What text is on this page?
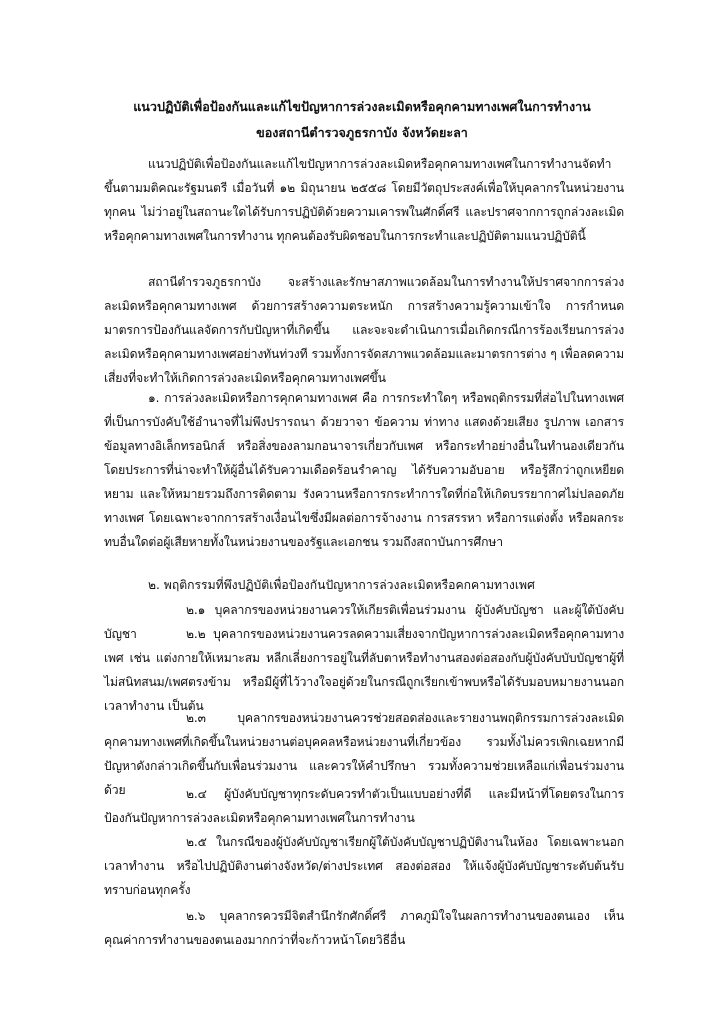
แนวปฏิบัติเพื่อป้องกันและแก้ไขปัญหาการล่วงละเมิดหรือคุกคามทางเพศในการทำงาน
ของสถานีตำรวจภูธรกาบัง จังหวัดยะลา

แนวปฏิบัติเพื่อป้องกันและแก้ไขปัญหาการล่วงละเมิดหรือคุกคามทางเพศในการทำงานจัดทำขึ้นตามมติคณะรัฐมนตรี เมื่อวันที่ ๑๒ มิถุนายน ๒๕๕๘ โดยมีวัตถุประสงค์เพื่อให้บุคลากรในหน่วยงานทุกคน ไม่ว่าอยู่ในสถานะใดได้รับการปฏิบัติด้วยความเคารพในศักดิ์ศรี และปราศจากการถูกล่วงละเมิดหรือคุกคามทางเพศในการทำงาน ทุกคนต้องรับผิดชอบในการกระทำและปฏิบัติตามแนวปฏิบัตินี้

สถานีตำรวจภูธรกาบัง จะสร้างและรักษาสภาพแวดล้อมในการทำงานให้ปราศจากการล่วง ละเมิดหรือคุกคามทางเพศ ด้วยการสร้างความตระหนัก การสร้างความรู้ความเข้าใจ การกำหนดมาตรการป้องกันแลจัดการกับปัญหาที่เกิดขึ้น และจะจะดำเนินการเมื่อเกิดกรณีการร้องเรียนการล่วงละเมิดหรือคุกคามทางเพศอย่างทันท่วงที รวมทั้งการจัดสภาพแวดล้อมและมาตรการต่าง ๆ เพื่อลดความเสี่ยงที่จะทำให้เกิดการล่วงละเมิดหรือคุกคามทางเพศขึ้น

๑. การล่วงละเมิดหรือการคุกคามทางเพศ คือ การกระทำใดๆ หรือพฤติกรรมที่ส่อไปในทางเพศที่เป็นการบังคับใช้อำนาจที่ไม่พึงปรารถนา ด้วยวาจา ข้อความ ท่าทาง แสดงด้วยเสียง รูปภาพ เอกสาร ข้อมูลทางอิเล็กทรอนิกส์ หรือสิ่งของลามกอนาจารเกี่ยวกับเพศ หรือกระทำอย่างอื่นในทำนองเดียวกัน โดยประการที่น่าจะทำให้ผู้อื่นได้รับความเดือดร้อนรำคาญ ได้รับความอับอาย หรือรู้สึกว่าถูกเหยียดหยาม และให้หมายรวมถึงการติดตาม รังควานหรือการกระทำการใดที่ก่อให้เกิดบรรยากาศไม่ปลอดภัยทางเพศ โดยเฉพาะจากการสร้างเงื่อนไขซึ่งมีผลต่อการจ้างงาน การสรรหา หรือการแต่งตั้ง หรือผลกระทบอื่นใดต่อผู้เสียหายทั้งในหน่วยงานของรัฐและเอกชน รวมถึงสถาบันการศึกษา

๒. พฤติกรรมที่พึงปฏิบัติเพื่อป้องกันปัญหาการล่วงละเมิดหรือคกคามทางเพศ

๒.๑ บุคลากรของหน่วยงานควรให้เกียรติเพื่อนร่วมงาน ผู้บังคับบัญชา และผู้ใต้บังคับบัญชา	๒.๒ บุคลากรของหน่วยงานควรลดความเสี่ยงจากปัญหาการล่วงละเมิดหรือคุกคามทางเพศ เช่น แต่งกายให้เหมาะสม หลีกเลี่ยงการอยู่ในที่ลับตาหรือทำงานสองต่อสองกับผู้บังคับบับบัญชาผู้ที่ไม่สนิทสนม/เพศตรงข้าม หรือมีผู้ที่ไว้วางใจอยู่ด้วยในกรณีถูกเรียกเข้าพบหรือได้รับมอบหมายงานนอกเวลาทำงาน เป็นต้น

๒.๓ บุคลากรของหน่วยงานควรช่วยสอดส่องและรายงานพฤติกรรมการล่วงละเมิดคุกคามทางเพศที่เกิดขึ้นในหน่วยงานต่อบุคคลหรือหน่วยงานที่เกี่ยวข้อง รวมทั้งไม่ควรเพิกเฉยหากมีปัญหาดังกล่าวเกิดขึ้นกับเพื่อนร่วมงาน และควรให้คำปรึกษา รวมทั้งความช่วยเหลือแก่เพื่อนร่วมงานด้วย	๒.๔ ผู้บังคับบัญชาทุกระดับควรทำตัวเป็นแบบอย่างที่ดี และมีหน้าที่โดยตรงในการป้องกันปัญหาการล่วงละเมิดหรือคุกคามทางเพศในการทำงาน

๒.๕ ในกรณีของผู้บังคับบัญชาเรียกผู้ใต้บังคับบัญชาปฏิบัติงานในห้อง โดยเฉพาะนอกเวลาทำงาน หรือไปปฏิบัติงานต่างจังหวัด/ต่างประเทศ สองต่อสอง ให้แจ้งผู้บังคับบัญชาระดับต้นรับทราบก่อนทุกครั้ง

๒.๖ บุคลากรควรมีจิตสำนึกรักศักดิ์ศรี ภาคภูมิใจในผลการทำงานของตนเอง เห็นคุณค่าการทำงานของตนเองมากกว่าที่จะก้าวหน้าโดยวิธีอื่น
